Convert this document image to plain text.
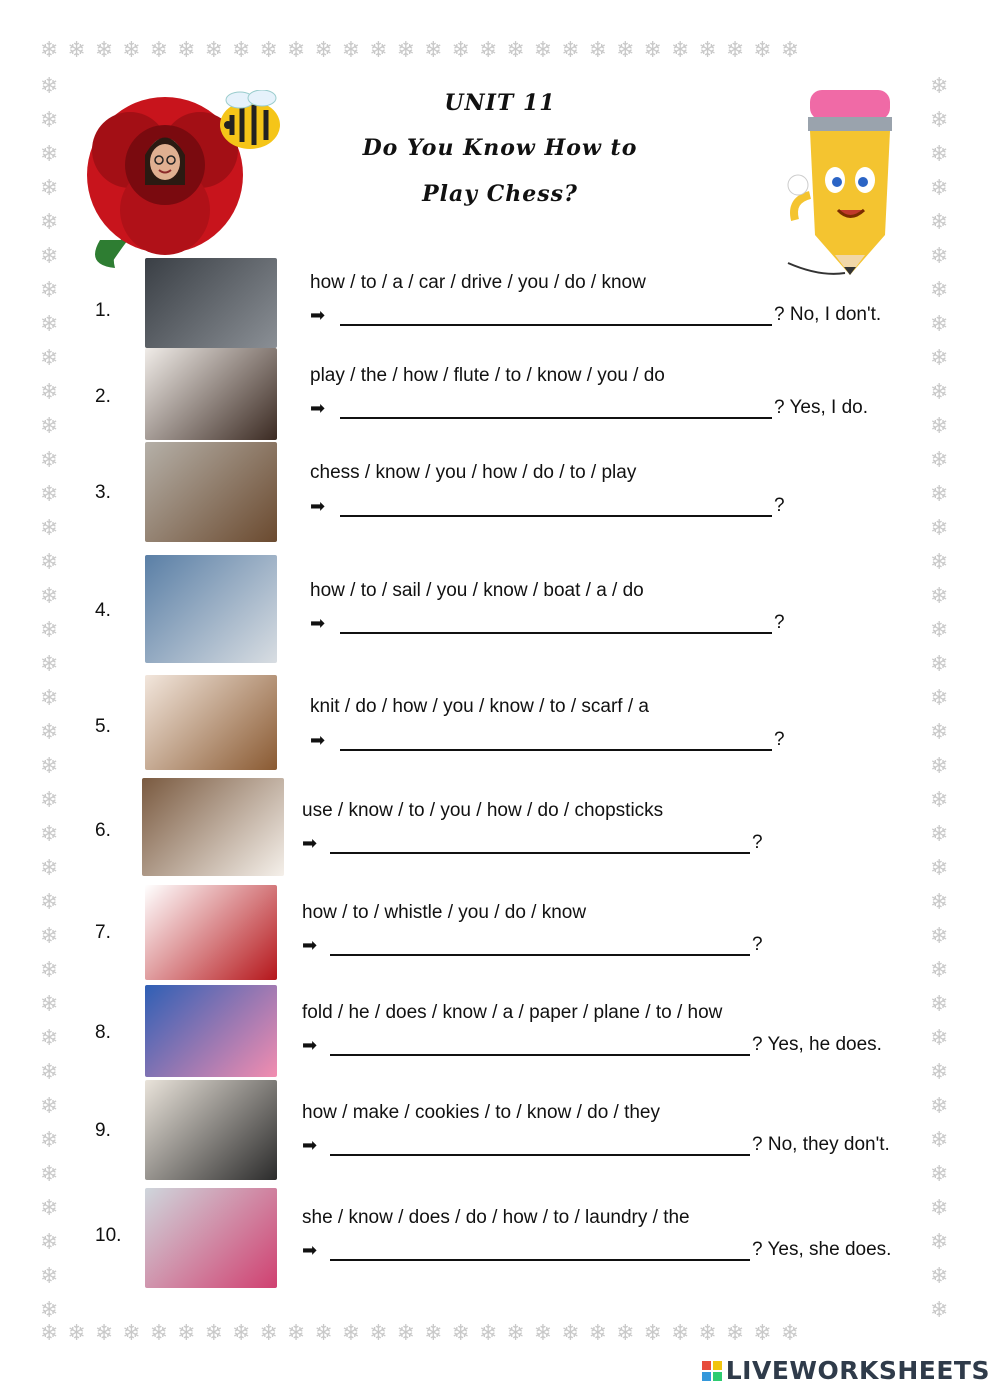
❄❄❄❄❄❄❄❄❄❄❄❄❄❄❄❄❄❄❄❄❄❄❄❄❄❄❄❄
❄❄❄❄❄❄❄❄❄❄❄❄❄❄❄❄❄❄❄❄❄❄❄❄❄❄❄❄
❄❄❄❄❄❄❄❄❄❄❄❄❄❄❄❄❄❄❄❄❄❄❄❄❄❄❄❄❄❄❄❄❄❄❄❄❄
❄❄❄❄❄❄❄❄❄❄❄❄❄❄❄❄❄❄❄❄❄❄❄❄❄❄❄❄❄❄❄❄❄❄❄❄❄
UNIT 11
Do You Know How to
Play Chess?
1.
how / to / a / car / drive / you / do / know
➡	? No, I don't.
2.
play / the / how / flute / to / know / you / do
➡	? Yes, I do.
3.
chess / know / you / how / do / to / play
➡	?
4.
how / to / sail / you / know / boat / a / do
➡	?
5.
knit / do / how / you / know / to / scarf / a
➡	?
6.
use / know / to / you / how / do / chopsticks
➡	?
7.
how / to / whistle / you / do / know
➡	?
8.
fold / he / does / know / a / paper / plane / to / how
➡	? Yes, he does.
9.
how / make / cookies / to / know / do / they
➡	? No, they don't.
10.
she / know / does / do / how / to / laundry / the
➡	? Yes, she does.
LIVEWORKSHEETS
